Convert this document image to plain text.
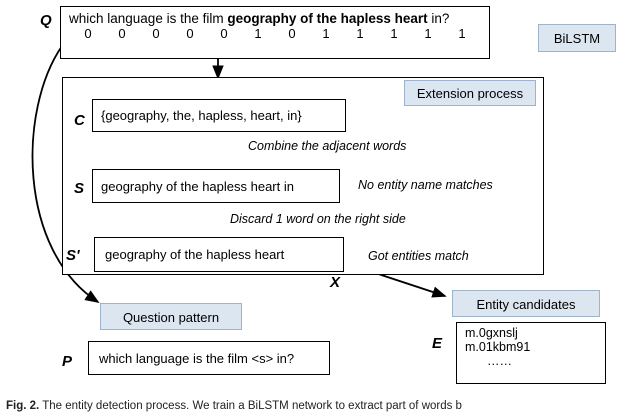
Q	which language is the film geography of the hapless heart in?
0	0	0	0	0	1	0	1	1	1	1	1	BiLSTM
Extension process
C	{geography, the, hapless, heart, in}
Combine the adjacent words
S	geography of the hapless heart in	No entity name matches
Discard 1 word on the right side
S'	geography of the hapless heart	Got entities match
X
Question pattern
P	which language is the film <s> in?
Entity candidates
E
m.0gxnslj
m.01kbm91
……
Fig. 2. The entity detection process. We train a BiLSTM network to extract part of words b
